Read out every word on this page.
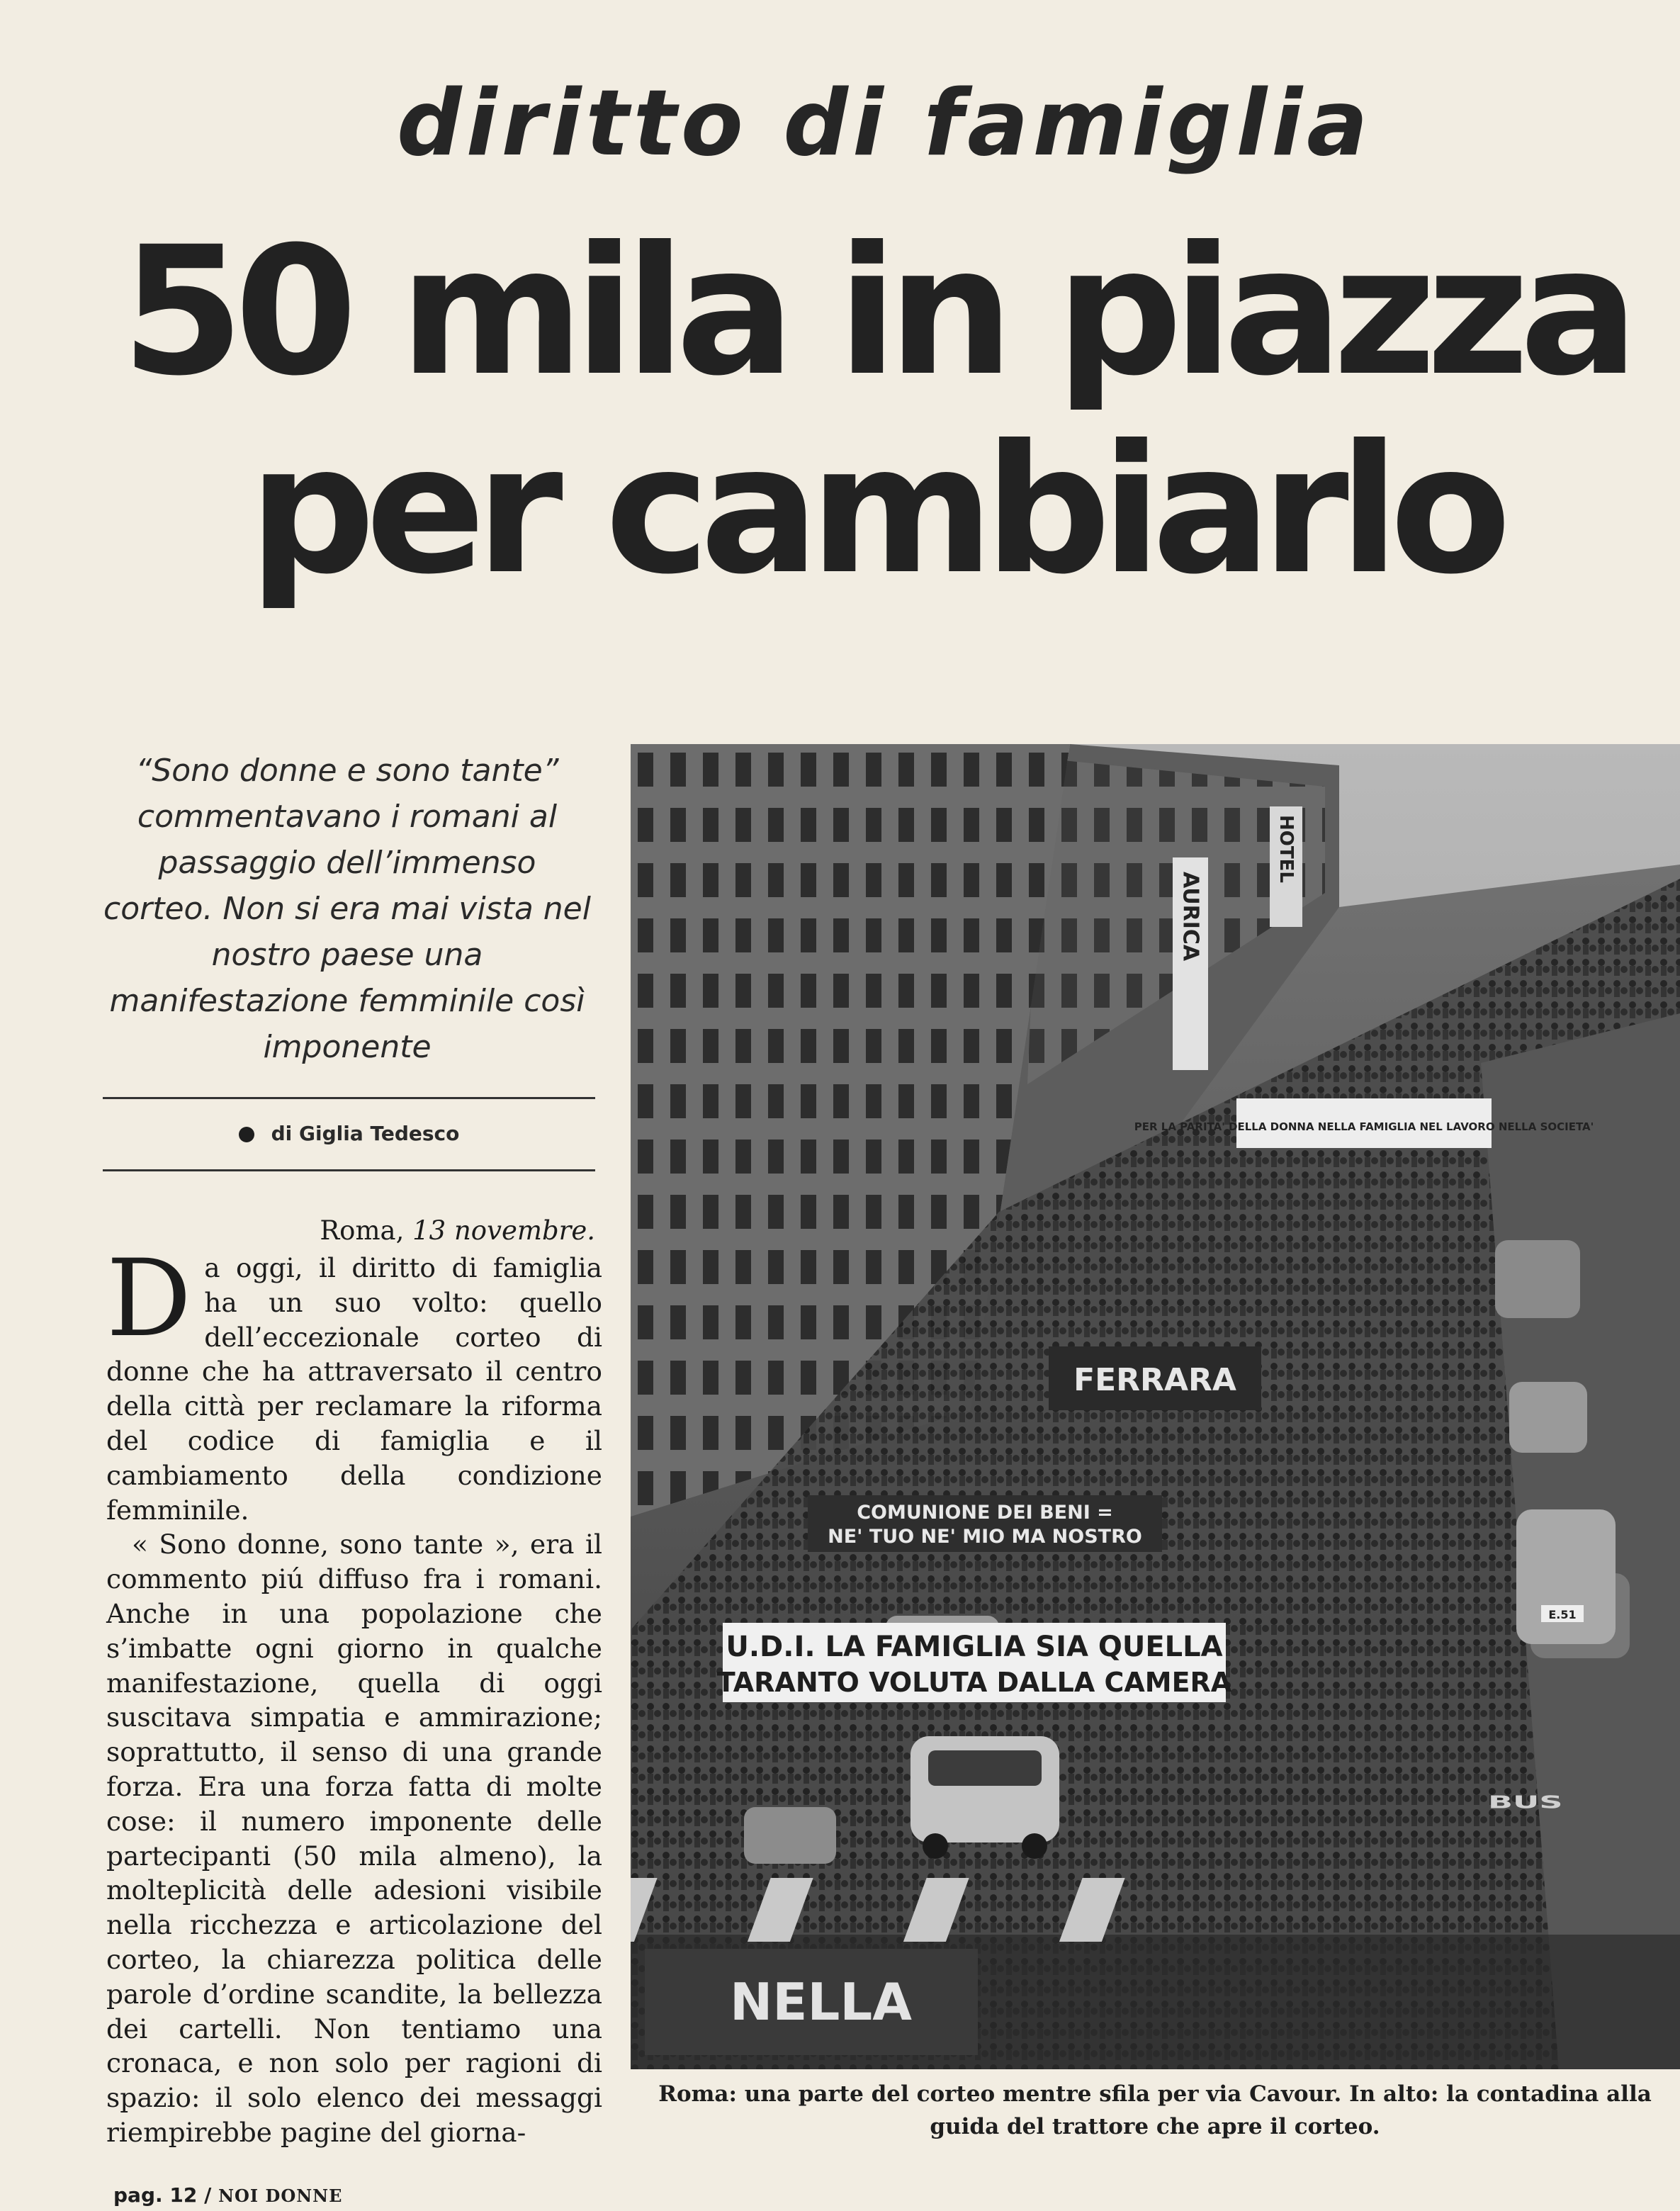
diritto di famiglia
50 mila in piazza
per cambiarlo
“Sono donne e sono tante” commentavano i romani al passaggio dell’immenso corteo. Non si era mai vista nel nostro paese una manifestazione femminile così imponente
di Giglia Tedesco
Roma, 13 novembre.

Da oggi, il diritto di famiglia ha un suo volto: quello dell’eccezionale corteo di donne che ha attraversato il centro della città per reclamare la riforma del codice di famiglia e il cambiamento della condizione femminile.

« Sono donne, sono tante », era il commento piú diffuso fra i romani. Anche in una popolazione che s’imbatte ogni giorno in qualche manifestazione, quella di oggi suscitava simpatia e ammirazione; soprattutto, il senso di una grande forza. Era una forza fatta di molte cose: il numero imponente delle partecipanti (50 mila almeno), la molteplicità delle adesioni visibile nella ricchezza e articolazione del corteo, la chiarezza politica delle parole d’ordine scandite, la bellezza dei cartelli. Non tentiamo una cronaca, e non solo per ragioni di spazio: il solo elenco dei messaggi riempirebbe pagine del giorna-

HOTEL
AURICA
PER LA PARITA' DELLA DONNA NELLA FAMIGLIA NEL LAVORO NELLA SOCIETA'
FERRARA
COMUNIONE DEI BENI =
NE' TUO NE' MIO MA NOSTRO
U.D.I. LA FAMIGLIA SIA QUELLA
TARANTO VOLUTA DALLA CAMERA
E.51
BUS
NELLA
Roma: una parte del corteo mentre sfila per via Cavour. In alto: la contadina alla guida del trattore che apre il corteo.
pag. 12 / NOI DONNE
